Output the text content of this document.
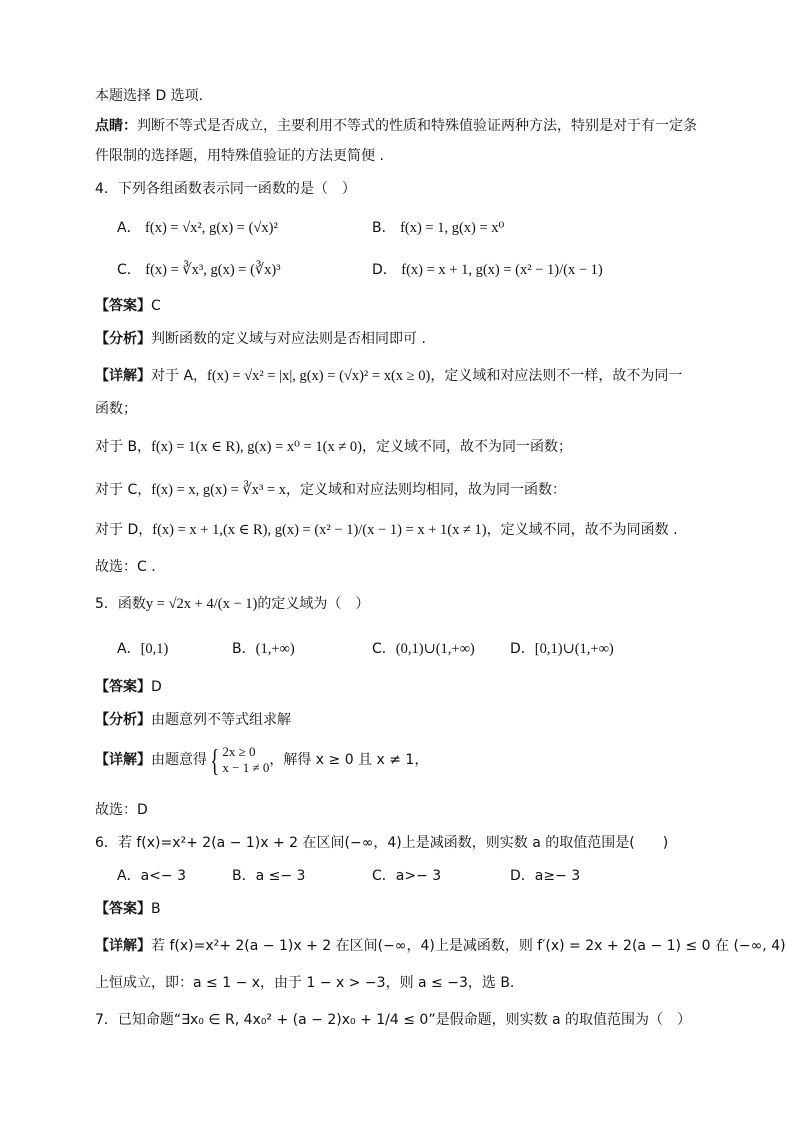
本题选择 D 选项.
点睛：判断不等式是否成立，主要利用不等式的性质和特殊值验证两种方法，特别是对于有一定条
件限制的选择题，用特殊值验证的方法更简便 .
4．下列各组函数表示同一函数的是（　）
A． f(x) = √x², g(x) = (√x)²	B． f(x) = 1, g(x) = x⁰
C． f(x) = ∛x³, g(x) = (∛x)³	D． f(x) = x + 1, g(x) = (x² − 1)/(x − 1)
【答案】C
【分析】判断函数的定义域与对应法则是否相同即可 .
【详解】对于 A，f(x) = √x² = |x|, g(x) = (√x)² = x(x ≥ 0)，定义域和对应法则不一样，故不为同一
函数；
对于 B，f(x) = 1(x ∈ R), g(x) = x⁰ = 1(x ≠ 0)，定义域不同，故不为同一函数；
对于 C，f(x) = x, g(x) = ∛x³ = x，定义域和对应法则均相同，故为同一函数：
对于 D，f(x) = x + 1,(x ∈ R), g(x) = (x² − 1)/(x − 1) = x + 1(x ≠ 1)，定义域不同，故不为同函数 .
故选：C .
5．函数y = √2x + 4/(x − 1)的定义域为（　）
A．[0,1)	B．(1,+∞)	C．(0,1)∪(1,+∞)	D．[0,1)∪(1,+∞)
【答案】D
【分析】由题意列不等式组求解
【详解】由题意得{ 2x ≥ 0
x − 1 ≠ 0 ，解得 x ≥ 0 且 x ≠ 1，
故选：D
6．若 f(x)=x²+ 2(a − 1)x + 2 在区间(−∞，4)上是减函数，则实数 a 的取值范围是(　　)
A．a<− 3	B．a ≤− 3	C．a>− 3	D．a≥− 3
【答案】B
【详解】若 f(x)=x²+ 2(a − 1)x + 2 在区间(−∞，4)上是减函数，则 f′(x) = 2x + 2(a − 1) ≤ 0 在 (−∞, 4)
上恒成立，即：a ≤ 1 − x，由于 1 − x > −3，则 a ≤ −3，选 B.
7．已知命题“∃x₀ ∈ R, 4x₀² + (a − 2)x₀ + 1/4 ≤ 0”是假命题，则实数 a 的取值范围为（　）
